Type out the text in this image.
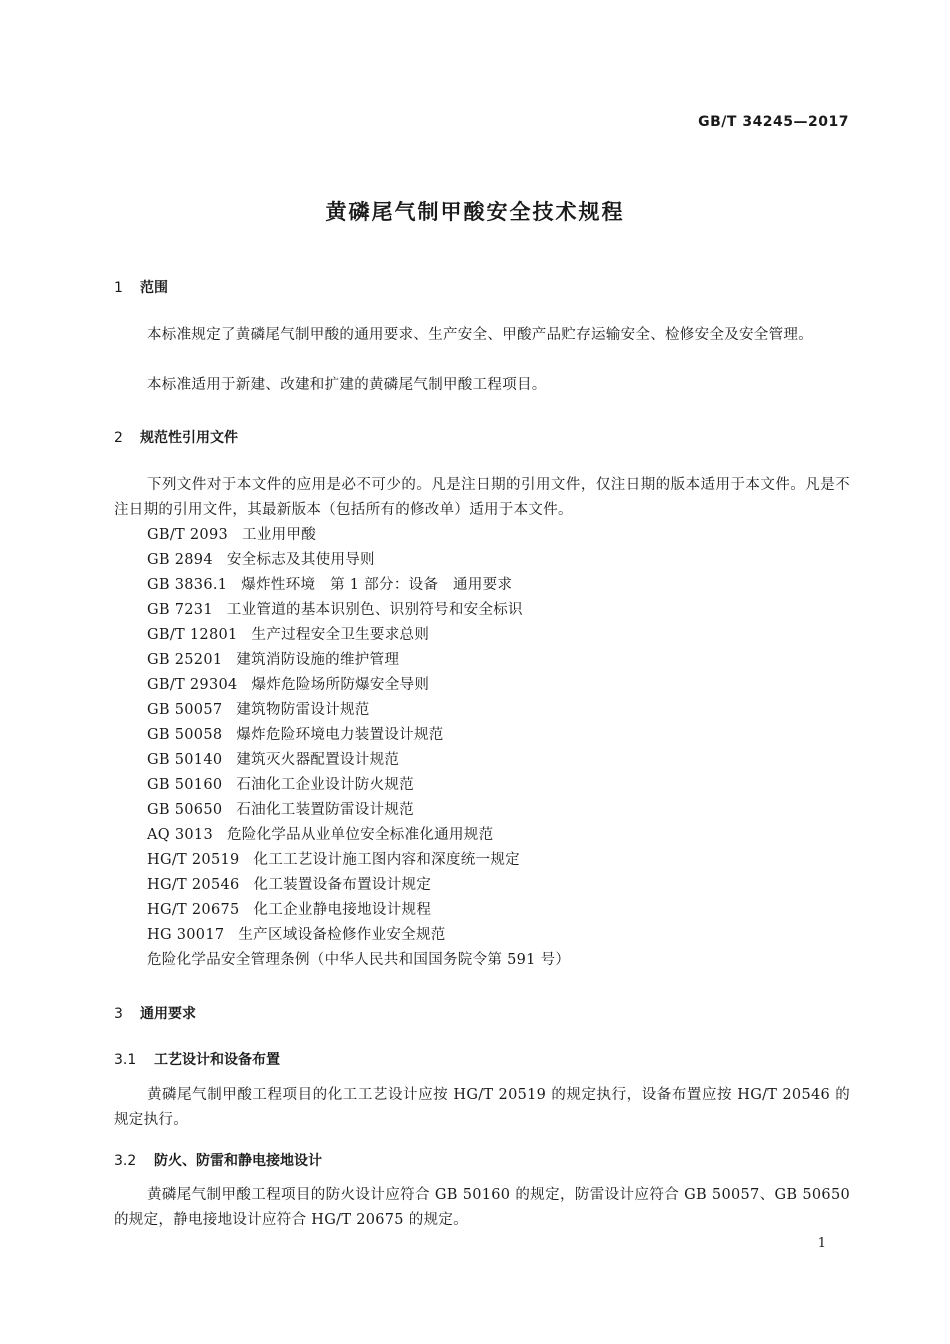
GB/T 34245—2017
黄磷尾气制甲酸安全技术规程
1 范围

本标准规定了黄磷尾气制甲酸的通用要求、生产安全、甲酸产品贮存运输安全、检修安全及安全管理。

本标准适用于新建、改建和扩建的黄磷尾气制甲酸工程项目。

2 规范性引用文件

下列文件对于本文件的应用是必不可少的。凡是注日期的引用文件，仅注日期的版本适用于本文件。凡是不注日期的引用文件，其最新版本（包括所有的修改单）适用于本文件。

GB/T 2093 工业用甲酸
GB 2894 安全标志及其使用导则
GB 3836.1 爆炸性环境　第 1 部分：设备　通用要求
GB 7231 工业管道的基本识别色、识别符号和安全标识
GB/T 12801 生产过程安全卫生要求总则
GB 25201 建筑消防设施的维护管理
GB/T 29304 爆炸危险场所防爆安全导则
GB 50057 建筑物防雷设计规范
GB 50058 爆炸危险环境电力装置设计规范
GB 50140 建筑灭火器配置设计规范
GB 50160 石油化工企业设计防火规范
GB 50650 石油化工装置防雷设计规范
AQ 3013 危险化学品从业单位安全标准化通用规范
HG/T 20519 化工工艺设计施工图内容和深度统一规定
HG/T 20546 化工装置设备布置设计规定
HG/T 20675 化工企业静电接地设计规程
HG 30017 生产区域设备检修作业安全规范
危险化学品安全管理条例（中华人民共和国国务院令第 591 号）
3 通用要求
3.1 工艺设计和设备布置

黄磷尾气制甲酸工程项目的化工工艺设计应按 HG/T 20519 的规定执行，设备布置应按 HG/T 20546 的规定执行。

3.2 防火、防雷和静电接地设计

黄磷尾气制甲酸工程项目的防火设计应符合 GB 50160 的规定，防雷设计应符合 GB 50057、GB 50650 的规定，静电接地设计应符合 HG/T 20675 的规定。

1
